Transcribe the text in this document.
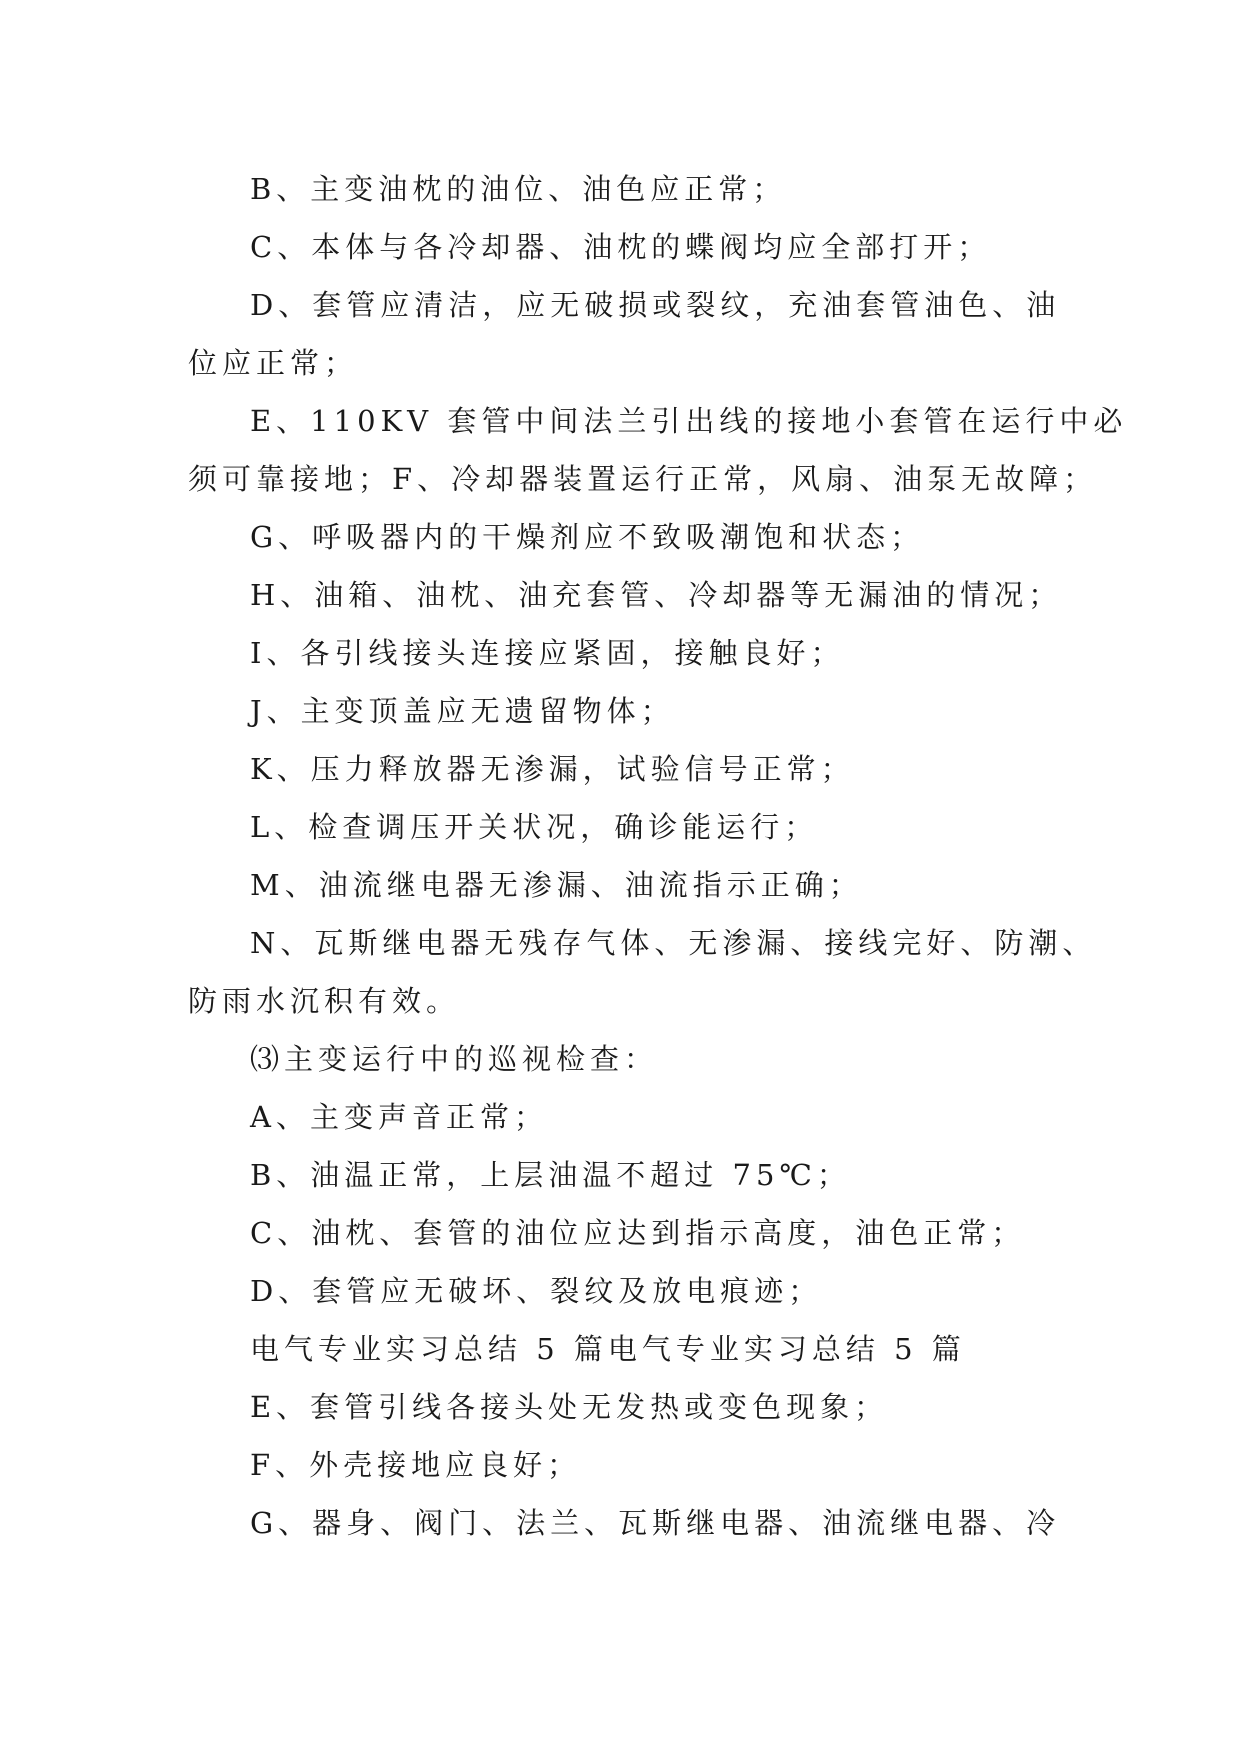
B、主变油枕的油位、油色应正常；
C、本体与各冷却器、油枕的蝶阀均应全部打开；
D、套管应清洁，应无破损或裂纹，充油套管油色、油
位应正常；
E、110KV 套管中间法兰引出线的接地小套管在运行中必
须可靠接地；F、冷却器装置运行正常，风扇、油泵无故障；
G、呼吸器内的干燥剂应不致吸潮饱和状态；
H、油箱、油枕、油充套管、冷却器等无漏油的情况；
I、各引线接头连接应紧固，接触良好；
J、主变顶盖应无遗留物体；
K、压力释放器无渗漏，试验信号正常；
L、检查调压开关状况，确诊能运行；
M、油流继电器无渗漏、油流指示正确；
N、瓦斯继电器无残存气体、无渗漏、接线完好、防潮、
防雨水沉积有效。
⑶主变运行中的巡视检查：
A、主变声音正常；
B、油温正常，上层油温不超过 75℃；
C、油枕、套管的油位应达到指示高度，油色正常；
D、套管应无破坏、裂纹及放电痕迹；
电气专业实习总结 5 篇电气专业实习总结 5 篇
E、套管引线各接头处无发热或变色现象；
F、外壳接地应良好；
G、器身、阀门、法兰、瓦斯继电器、油流继电器、冷
